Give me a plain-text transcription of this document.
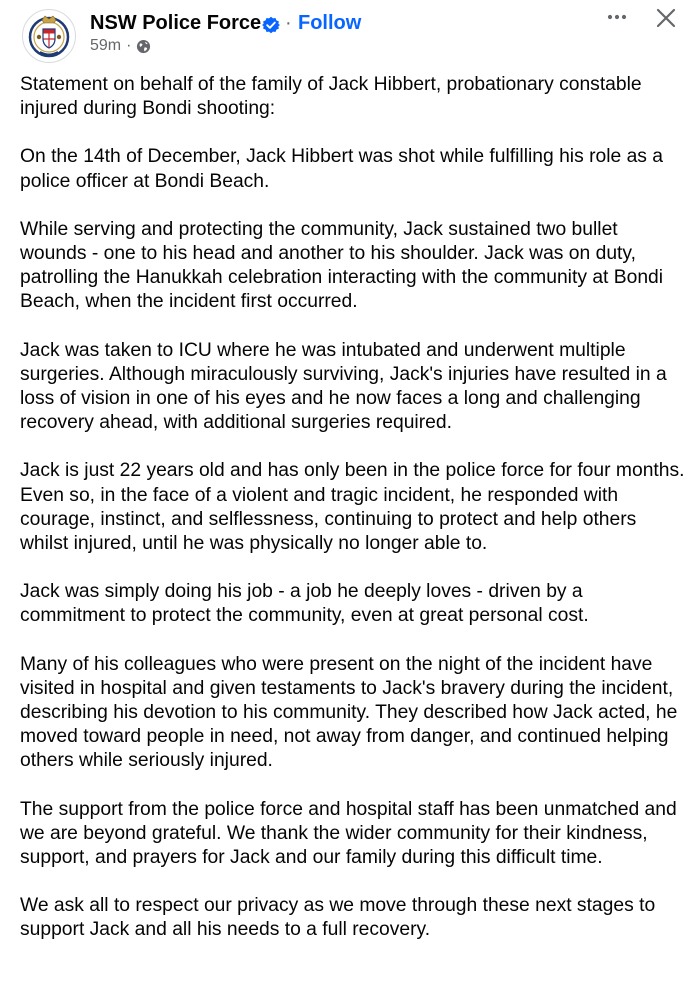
NSW Police Force · Follow
59m ·

Statement on behalf of the family of Jack Hibbert, probationary constable injured during Bondi shooting:

On the 14th of December, Jack Hibbert was shot while fulfilling his role as a police officer at Bondi Beach.

While serving and protecting the community, Jack sustained two bullet wounds - one to his head and another to his shoulder. Jack was on duty, patrolling the Hanukkah celebration interacting with the community at Bondi Beach, when the incident first occurred.

Jack was taken to ICU where he was intubated and underwent multiple surgeries. Although miraculously surviving, Jack's injuries have resulted in a loss of vision in one of his eyes and he now faces a long and challenging recovery ahead, with additional surgeries required.

Jack is just 22 years old and has only been in the police force for four months. Even so, in the face of a violent and tragic incident, he responded with courage, instinct, and selflessness, continuing to protect and help others whilst injured, until he was physically no longer able to.

Jack was simply doing his job - a job he deeply loves - driven by a commitment to protect the community, even at great personal cost.

Many of his colleagues who were present on the night of the incident have visited in hospital and given testaments to Jack's bravery during the incident, describing his devotion to his community. They described how Jack acted, he moved toward people in need, not away from danger, and continued helping others while seriously injured.

The support from the police force and hospital staff has been unmatched and we are beyond grateful. We thank the wider community for their kindness, support, and prayers for Jack and our family during this difficult time.

We ask all to respect our privacy as we move through these next stages to support Jack and all his needs to a full recovery.
